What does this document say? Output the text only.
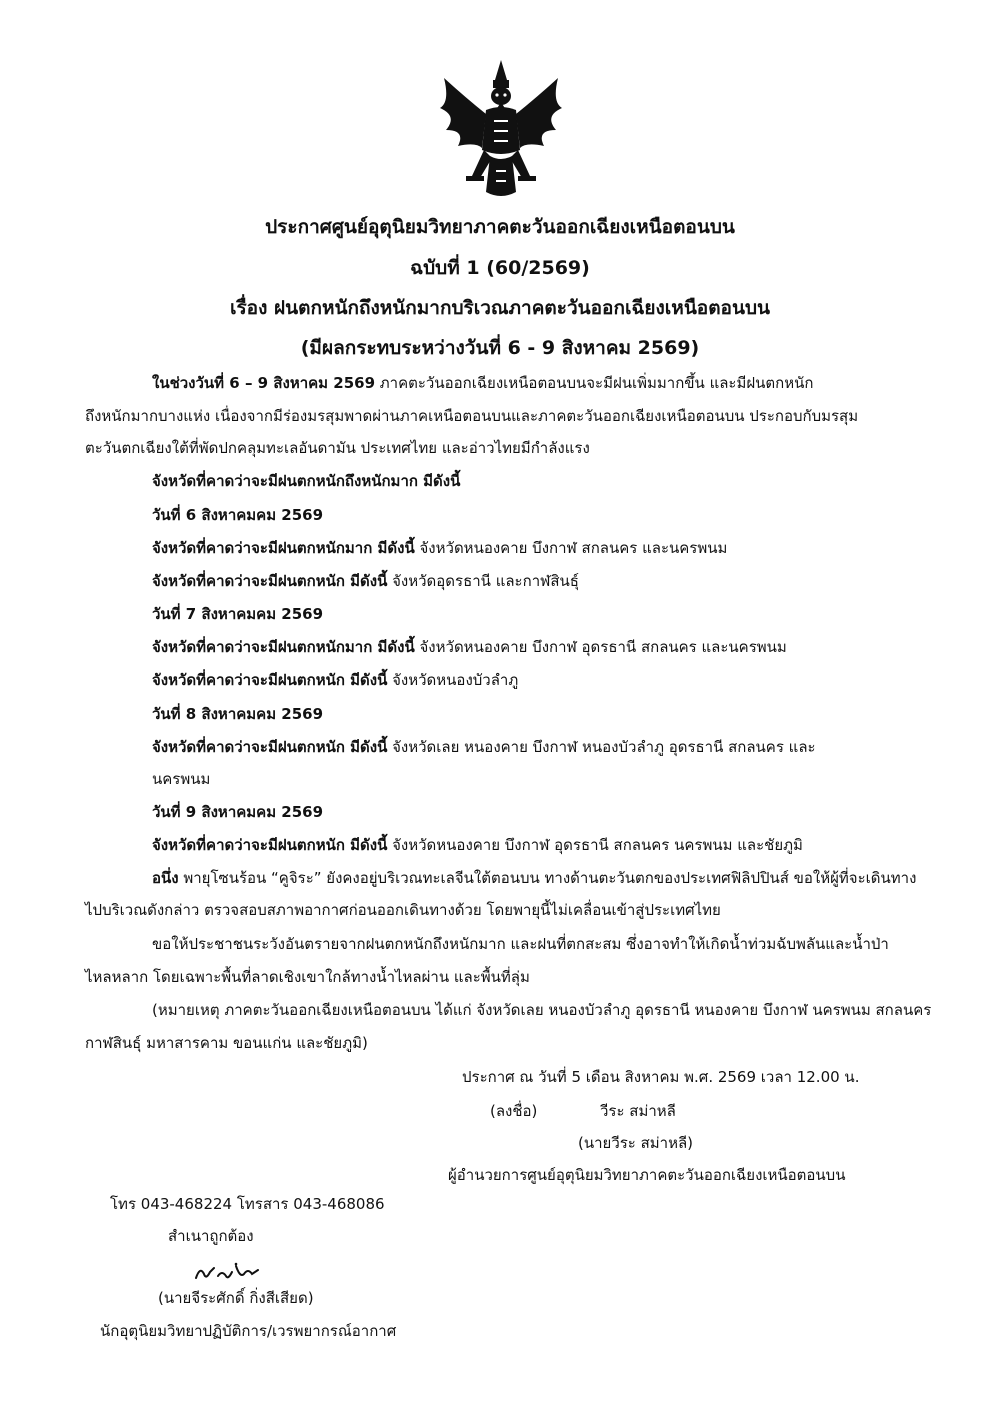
ประกาศศูนย์อุตุนิยมวิทยาภาคตะวันออกเฉียงเหนือตอนบน
ฉบับที่ 1 (60/2569)
เรื่อง ฝนตกหนักถึงหนักมากบริเวณภาคตะวันออกเฉียงเหนือตอนบน
(มีผลกระทบระหว่างวันที่ 6 - 9 สิงหาคม 2569)
ในช่วงวันที่ 6 – 9 สิงหาคม 2569 ภาคตะวันออกเฉียงเหนือตอนบนจะมีฝนเพิ่มมากขึ้น และมีฝนตกหนัก
ถึงหนักมากบางแห่ง เนื่องจากมีร่องมรสุมพาดผ่านภาคเหนือตอนบนและภาคตะวันออกเฉียงเหนือตอนบน ประกอบกับมรสุม
ตะวันตกเฉียงใต้ที่พัดปกคลุมทะเลอันดามัน ประเทศไทย และอ่าวไทยมีกำลังแรง
จังหวัดที่คาดว่าจะมีฝนตกหนักถึงหนักมาก มีดังนี้
วันที่ 6 สิงหาคมคม 2569
จังหวัดที่คาดว่าจะมีฝนตกหนักมาก มีดังนี้ จังหวัดหนองคาย บึงกาฬ สกลนคร และนครพนม
จังหวัดที่คาดว่าจะมีฝนตกหนัก มีดังนี้ จังหวัดอุดรธานี และกาฬสินธุ์
วันที่ 7 สิงหาคมคม 2569
จังหวัดที่คาดว่าจะมีฝนตกหนักมาก มีดังนี้ จังหวัดหนองคาย บึงกาฬ อุดรธานี สกลนคร และนครพนม
จังหวัดที่คาดว่าจะมีฝนตกหนัก มีดังนี้ จังหวัดหนองบัวลำภู
วันที่ 8 สิงหาคมคม 2569
จังหวัดที่คาดว่าจะมีฝนตกหนัก มีดังนี้ จังหวัดเลย หนองคาย บึงกาฬ หนองบัวลำภู อุดรธานี สกลนคร และ
นครพนม
วันที่ 9 สิงหาคมคม 2569
จังหวัดที่คาดว่าจะมีฝนตกหนัก มีดังนี้ จังหวัดหนองคาย บึงกาฬ อุดรธานี สกลนคร นครพนม และชัยภูมิ
อนึ่ง พายุโซนร้อน “คูจิระ” ยังคงอยู่บริเวณทะเลจีนใต้ตอนบน ทางด้านตะวันตกของประเทศฟิลิปปินส์ ขอให้ผู้ที่จะเดินทาง
ไปบริเวณดังกล่าว ตรวจสอบสภาพอากาศก่อนออกเดินทางด้วย โดยพายุนี้ไม่เคลื่อนเข้าสู่ประเทศไทย
ขอให้ประชาชนระวังอันตรายจากฝนตกหนักถึงหนักมาก และฝนที่ตกสะสม ซึ่งอาจทำให้เกิดน้ำท่วมฉับพลันและน้ำป่า
ไหลหลาก โดยเฉพาะพื้นที่ลาดเชิงเขาใกล้ทางน้ำไหลผ่าน และพื้นที่ลุ่ม
(หมายเหตุ ภาคตะวันออกเฉียงเหนือตอนบน ได้แก่ จังหวัดเลย หนองบัวลำภู อุดรธานี หนองคาย บึงกาฬ นครพนม สกลนคร
กาฬสินธุ์ มหาสารคาม ขอนแก่น และชัยภูมิ)
ประกาศ ณ วันที่ 5 เดือน สิงหาคม พ.ศ. 2569 เวลา 12.00 น.
(ลงชื่อ)	วีระ สม่าหลี
(นายวีระ สม่าหลี)
ผู้อำนวยการศูนย์อุตุนิยมวิทยาภาคตะวันออกเฉียงเหนือตอนบน
โทร 043-468224 โทรสาร 043-468086
สำเนาถูกต้อง
(นายจีระศักดิ์ กิ่งสีเสียด)
นักอุตุนิยมวิทยาปฏิบัติการ/เวรพยากรณ์อากาศ
